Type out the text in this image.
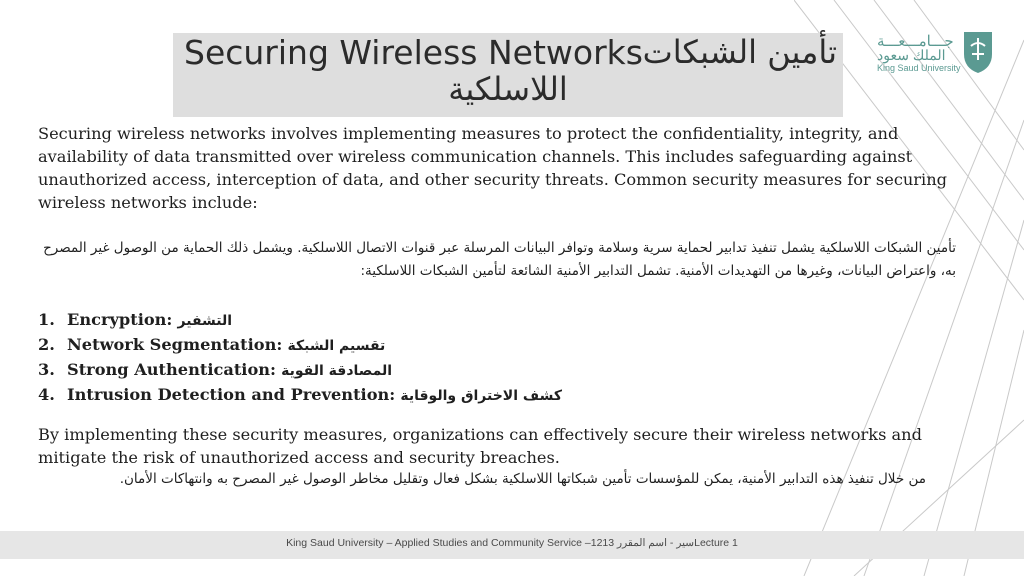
Securing Wireless Networks تأمين الشبكات
اللاسلكية
جـــامـــعـــة
الملك سعود
King Saud University
Securing wireless networks involves implementing measures to protect the confidentiality, integrity, and availability of data transmitted over wireless communication channels. This includes safeguarding against unauthorized access, interception of data, and other security threats. Common security measures for securing wireless networks include:
تأمين الشبكات اللاسلكية يشمل تنفيذ تدابير لحماية سرية وسلامة وتوافر البيانات المرسلة عبر قنوات الاتصال اللاسلكية. ويشمل ذلك الحماية من الوصول غير المصرح به، واعتراض البيانات، وغيرها من التهديدات الأمنية. تشمل التدابير الأمنية الشائعة لتأمين الشبكات اللاسلكية:
1. Encryption: التشفير
2. Network Segmentation: تقسيم الشبكة
3. Strong Authentication: المصادقة القوية
4. Intrusion Detection and Prevention: كشف الاختراق والوقاية
By implementing these security measures, organizations can effectively secure their wireless networks and mitigate the risk of unauthorized access and security breaches.
من خلال تنفيذ هذه التدابير الأمنية، يمكن للمؤسسات تأمين شبكاتها اللاسلكية بشكل فعال وتقليل مخاطر الوصول غير المصرح به وانتهاكات الأمان.
King Saud University – Applied Studies and Community Service –1213 سير - اسم المقررLecture 1
